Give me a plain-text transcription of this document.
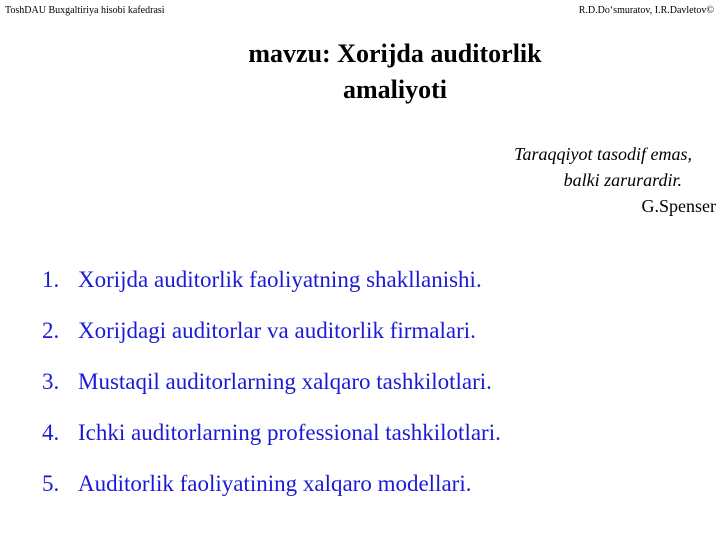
ToshDAU Buxgaltiriya hisobi kafedrasi	R.D.Do‘smuratov, I.R.Davletov©
mavzu: Xorijda auditorlik
amaliyoti
Taraqqiyot tasodif emas,
balki zarurardir.
G.Spenser
1. Xorijda auditorlik faoliyatning shakllanishi.
2. Xorijdagi auditorlar va auditorlik firmalari.
3. Mustaqil auditorlarning xalqaro tashkilotlari.
4. Ichki auditorlarning professional tashkilotlari.
5. Auditorlik faoliyatining xalqaro modellari.
